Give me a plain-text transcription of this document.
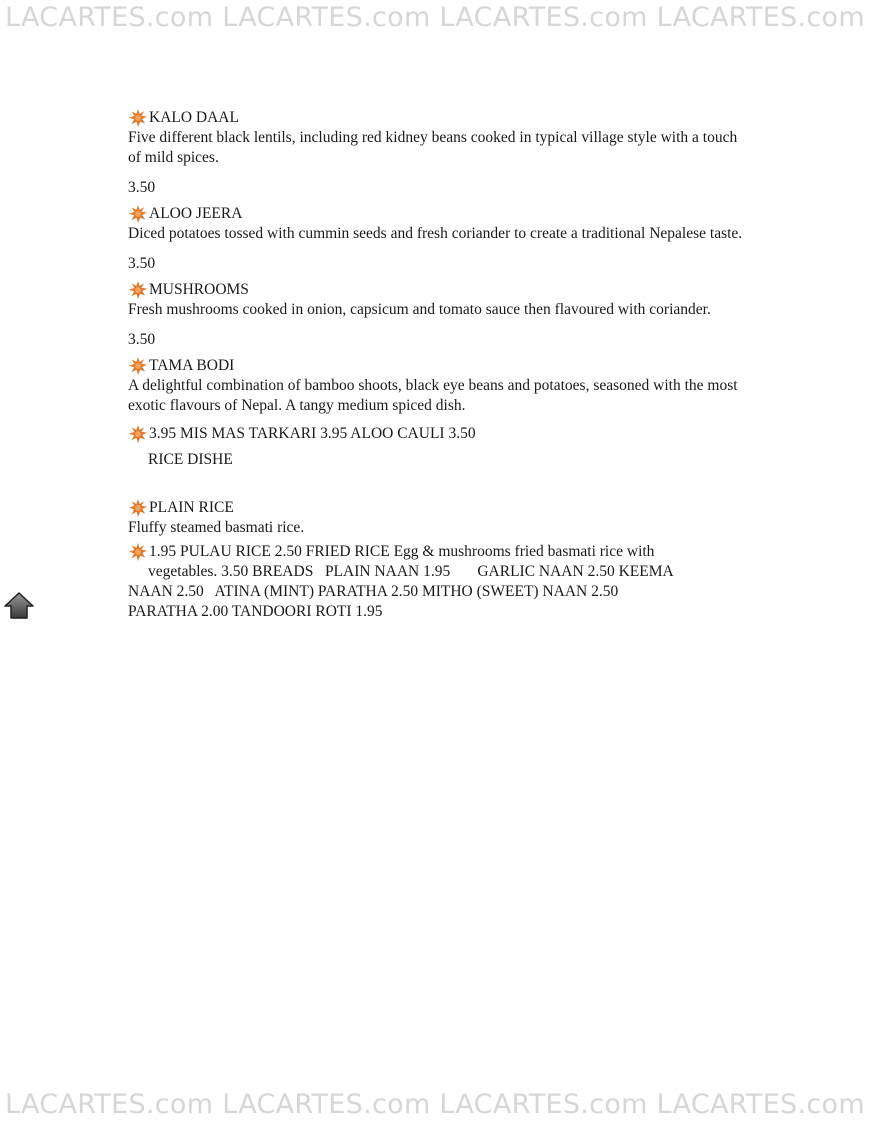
LACARTES.com LACARTES.com LACARTES.com LACARTES.com
KALO DAAL

Five different black lentils, including red kidney beans cooked in typical village style with a touch of mild spices.

3.50
ALOO JEERA

Diced potatoes tossed with cummin seeds and fresh coriander to create a traditional Nepalese taste.

3.50
MUSHROOMS

Fresh mushrooms cooked in onion, capsicum and tomato sauce then flavoured with coriander.

3.50
TAMA BODI

A delightful combination of bamboo shoots, black eye beans and potatoes, seasoned with the most exotic flavours of Nepal. A tangy medium spiced dish.

3.95 MIS MAS TARKARI 3.95 ALOO CAULI 3.50
RICE DISHE
PLAIN RICE

Fluffy steamed basmati rice.

1.95 PULAU RICE 2.50 FRIED RICE Egg & mushrooms fried basmati rice with
vegetables. 3.50 BREADS   PLAIN NAAN 1.95       GARLIC NAAN 2.50 KEEMA
NAAN 2.50   ATINA (MINT) PARATHA 2.50 MITHO (SWEET) NAAN 2.50
PARATHA 2.00 TANDOORI ROTI 1.95
LACARTES.com LACARTES.com LACARTES.com LACARTES.com
